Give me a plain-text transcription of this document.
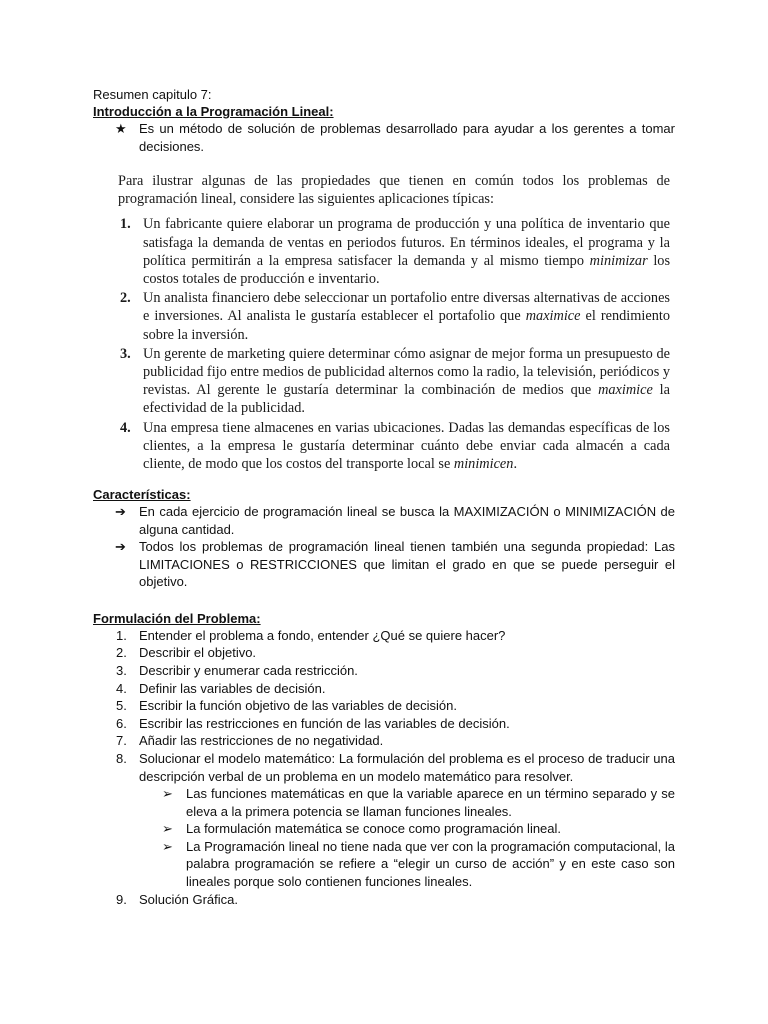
Resumen capitulo 7:
Introducción a la Programación Lineal:
★ Es un método de solución de problemas desarrollado para ayudar a los gerentes a tomar decisiones.

Para ilustrar algunas de las propiedades que tienen en común todos los problemas de programación lineal, considere las siguientes aplicaciones típicas:

1. Un fabricante quiere elaborar un programa de producción y una política de inventario que satisfaga la demanda de ventas en periodos futuros. En términos ideales, el programa y la política permitirán a la empresa satisfacer la demanda y al mismo tiempo minimizar los costos totales de producción e inventario.
2. Un analista financiero debe seleccionar un portafolio entre diversas alternativas de acciones e inversiones. Al analista le gustaría establecer el portafolio que maximice el rendimiento sobre la inversión.
3. Un gerente de marketing quiere determinar cómo asignar de mejor forma un presupuesto de publicidad fijo entre medios de publicidad alternos como la radio, la televisión, periódicos y revistas. Al gerente le gustaría determinar la combinación de medios que maximice la efectividad de la publicidad.
4. Una empresa tiene almacenes en varias ubicaciones. Dadas las demandas específicas de los clientes, a la empresa le gustaría determinar cuánto debe enviar cada almacén a cada cliente, de modo que los costos del transporte local se minimicen.
Características:
➔ En cada ejercicio de programación lineal se busca la MAXIMIZACIÓN o MINIMIZACIÓN de alguna cantidad.
➔ Todos los problemas de programación lineal tienen también una segunda propiedad: Las LIMITACIONES o RESTRICCIONES que limitan el grado en que se puede perseguir el objetivo.
Formulación del Problema:
1. Entender el problema a fondo, entender ¿Qué se quiere hacer?
2. Describir el objetivo.
3. Describir y enumerar cada restricción.
4. Definir las variables de decisión.
5. Escribir la función objetivo de las variables de decisión.
6. Escribir las restricciones en función de las variables de decisión.
7. Añadir las restricciones de no negatividad.
8. Solucionar el modelo matemático: La formulación del problema es el proceso de traducir una descripción verbal de un problema en un modelo matemático para resolver.
➢ Las funciones matemáticas en que la variable aparece en un término separado y se eleva a la primera potencia se llaman funciones lineales.
➢ La formulación matemática se conoce como programación lineal.
➢ La Programación lineal no tiene nada que ver con la programación computacional, la palabra programación se refiere a “elegir un curso de acción” y en este caso son lineales porque solo contienen funciones lineales.
9. Solución Gráfica.
